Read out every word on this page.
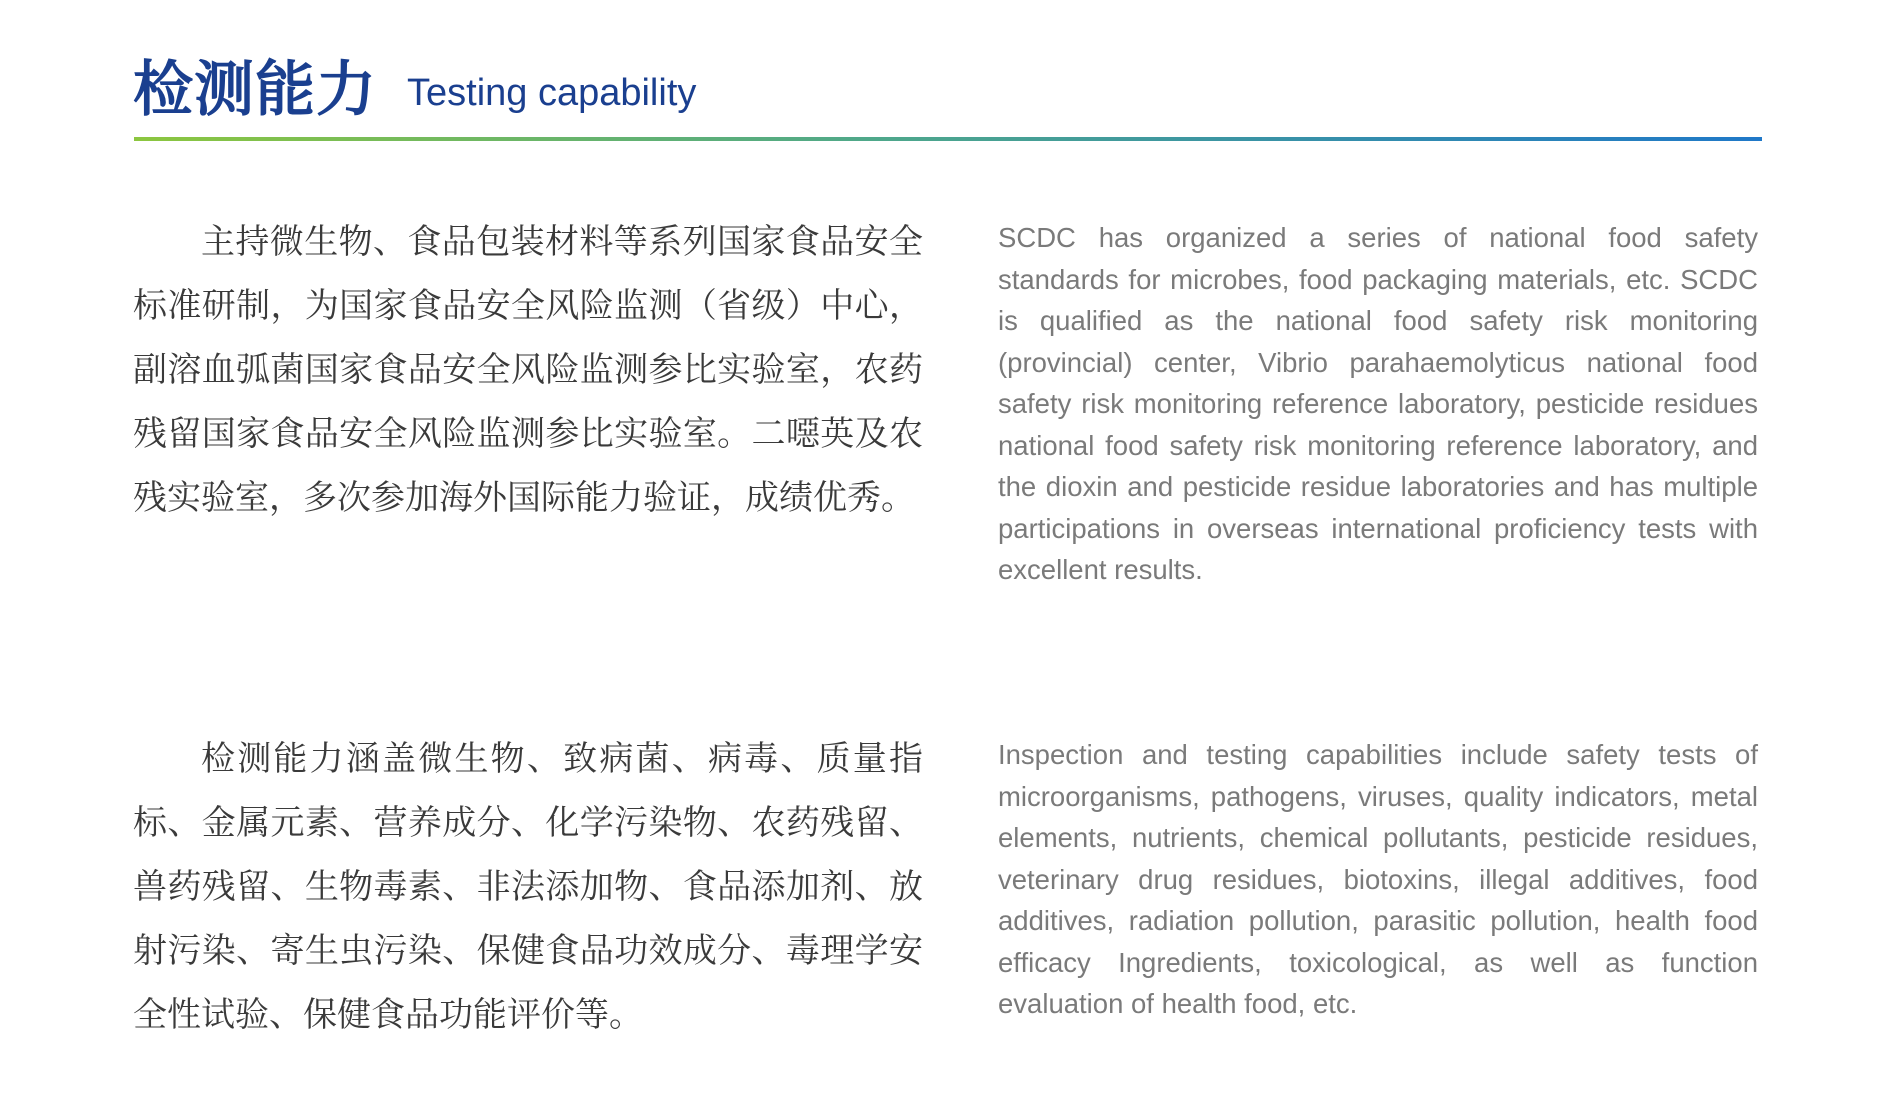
检测能力 Testing capability

主持微生物、食品包装材料等系列国家食品安全标准研制，为国家食品安全风险监测（省级）中心，副溶血弧菌国家食品安全风险监测参比实验室，农药残留国家食品安全风险监测参比实验室。二噁英及农残实验室，多次参加海外国际能力验证，成绩优秀。

SCDC has organized a series of national food safety standards for microbes, food packaging materials, etc. SCDC is qualified as the national food safety risk monitoring (provincial) center, Vibrio parahaemolyticus national food safety risk monitoring reference laboratory, pesticide residues national food safety risk monitoring reference laboratory, and the dioxin and pesticide residue laboratories and has multiple participations in overseas international proficiency tests with excellent results.

检测能力涵盖微生物、致病菌、病毒、质量指标、金属元素、营养成分、化学污染物、农药残留、兽药残留、生物毒素、非法添加物、食品添加剂、放射污染、寄生虫污染、保健食品功效成分、毒理学安全性试验、保健食品功能评价等。

Inspection and testing capabilities include safety tests of microorganisms, pathogens, viruses, quality indicators, metal elements, nutrients, chemical pollutants, pesticide residues, veterinary drug residues, biotoxins, illegal additives, food additives, radiation pollution, parasitic pollution, health food efficacy Ingredients, toxicological, as well as function evaluation of health food, etc.
